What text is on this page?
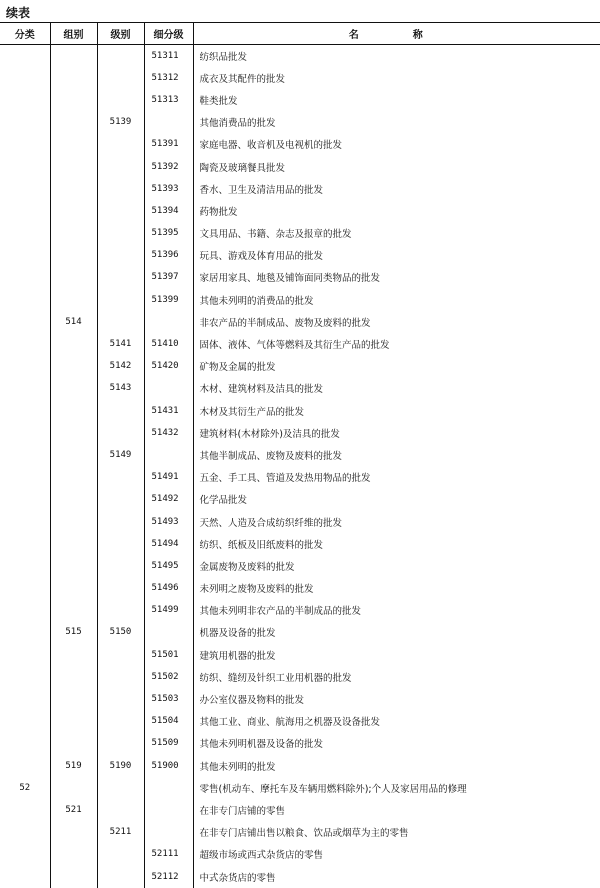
续表
分类	组别	级别	细分级	名　称
			51311	纺织品批发
			51312	成衣及其配件的批发
			51313	鞋类批发
		5139		其他消费品的批发
			51391	家庭电器、收音机及电视机的批发
			51392	陶瓷及玻璃餐具批发
			51393	香水、卫生及清洁用品的批发
			51394	药物批发
			51395	文具用品、书籍、杂志及报章的批发
			51396	玩具、游戏及体育用品的批发
			51397	家居用家具、地毯及铺饰面同类物品的批发
			51399	其他未列明的消费品的批发
	514			非农产品的半制成品、废物及废料的批发
		5141	51410	固体、液体、气体等燃料及其衍生产品的批发
		5142	51420	矿物及金属的批发
		5143		木材、建筑材料及洁具的批发
			51431	木材及其衍生产品的批发
			51432	建筑材料(木材除外)及洁具的批发
		5149		其他半制成品、废物及废料的批发
			51491	五金、手工具、管道及发热用物品的批发
			51492	化学品批发
			51493	天然、人造及合成纺织纤维的批发
			51494	纺织、纸板及旧纸废料的批发
			51495	金属废物及废料的批发
			51496	未列明之废物及废料的批发
			51499	其他未列明非农产品的半制成品的批发
	515	5150		机器及设备的批发
			51501	建筑用机器的批发
			51502	纺织、缝纫及针织工业用机器的批发
			51503	办公室仪器及物料的批发
			51504	其他工业、商业、航海用之机器及设备批发
			51509	其他未列明机器及设备的批发
	519	5190	51900	其他未列明的批发
52				零售(机动车、摩托车及车辆用燃料除外);个人及家居用品的修理
	521			在非专门店铺的零售
		5211		在非专门店铺出售以粮食、饮品或烟草为主的零售
			52111	超级市场或西式杂货店的零售
			52112	中式杂货店的零售
